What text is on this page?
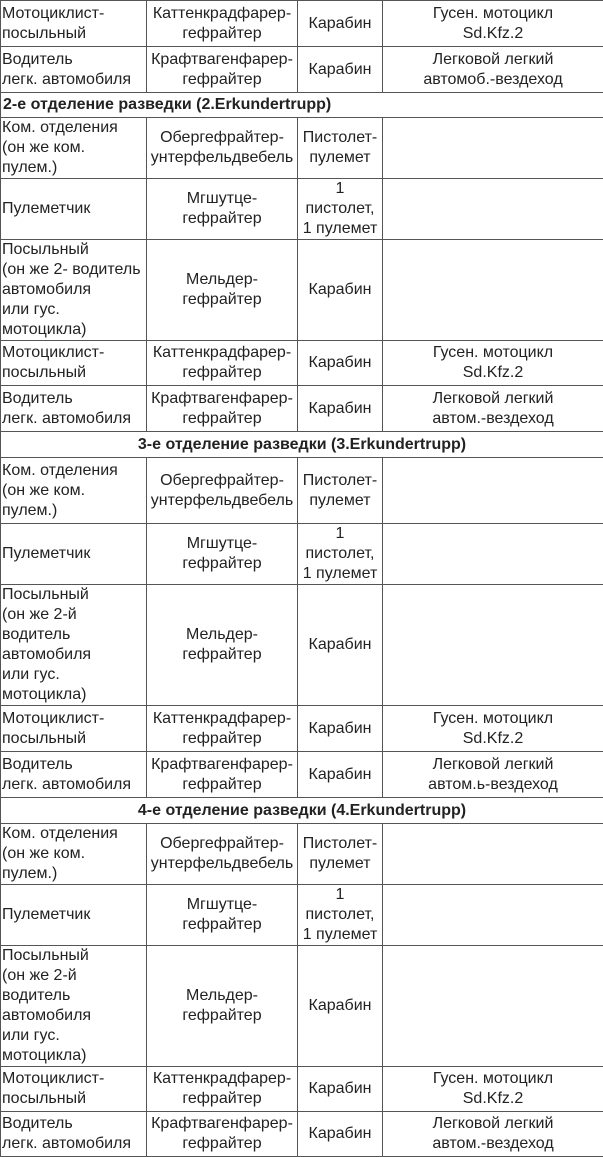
Мотоциклист-
посыльный	Каттенкрадфарер-
гефрайтер	Карабин	Гусен. мотоцикл
Sd.Kfz.2
Водитель
легк. автомобиля	Крафтвагенфарер-
гефрайтер	Карабин	Легковой легкий
автомоб.-вездеход
2-е отделение разведки (2.Erkundertrupp)			
Ком. отделения
(он же ком. пулем.)	Обергефрайтер-
унтерфельдвебель	Пистолет-
пулемет	
Пулеметчик	Мгшутце-гефрайтер	1 пистолет,
1 пулемет	
Посыльный
(он же 2- водитель
автомобиля
или гус. мотоцикла)	Мельдер-гефрайтер	Карабин	
Мотоциклист-
посыльный	Каттенкрадфарер-
гефрайтер	Карабин	Гусен. мотоцикл
Sd.Kfz.2
Водитель
легк. автомобиля	Крафтвагенфарер-
гефрайтер	Карабин	Легковой легкий
автом.-вездеход
3-е отделение разведки (3.Erkundertrupp)			
Ком. отделения
(он же ком. пулем.)	Обергефрайтер-
унтерфельдвебель	Пистолет-
пулемет	
Пулеметчик	Мгшутце-гефрайтер	1 пистолет,
1 пулемет	
Посыльный
(он же 2-й водитель
автомобиля
или гус. мотоцикла)	Мельдер-гефрайтер	Карабин	
Мотоциклист-
посыльный	Каттенкрадфарер-
гефрайтер	Карабин	Гусен. мотоцикл
Sd.Kfz.2
Водитель
легк. автомобиля	Крафтвагенфарер-
гефрайтер	Карабин	Легковой легкий
автом.ь-вездеход
4-е отделение разведки (4.Erkundertrupp)			
Ком. отделения
(он же ком. пулем.)	Обергефрайтер-
унтерфельдвебель	Пистолет-
пулемет	
Пулеметчик	Мгшутце-гефрайтер	1 пистолет,
1 пулемет	
Посыльный
(он же 2-й водитель
автомобиля
или гус. мотоцикла)	Мельдер-гефрайтер	Карабин	
Мотоциклист-
посыльный	Каттенкрадфарер-
гефрайтер	Карабин	Гусен. мотоцикл
Sd.Kfz.2
Водитель
легк. автомобиля	Крафтвагенфарер-
гефрайтер	Карабин	Легковой легкий
автом.-вездеход
